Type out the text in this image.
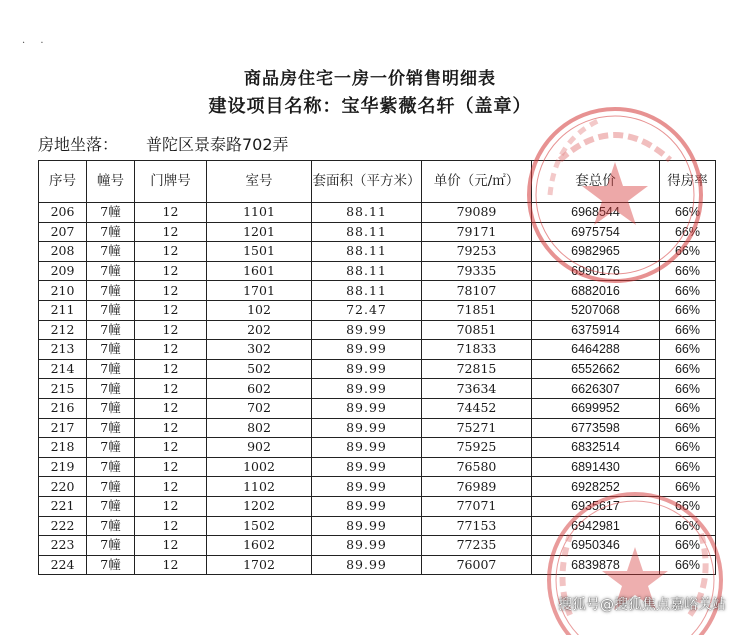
· ·
商品房住宅一房一价销售明细表
建设项目名称：宝华紫薇名轩（盖章）
房地坐落： 普陀区景泰路702弄
序号	幢号	门牌号	室号	套面积（平方米）	单价（元/㎡）	套总价	得房率
206	7幢	12	1101	88.11	79089	6968544	66%
207	7幢	12	1201	88.11	79171	6975754	66%
208	7幢	12	1501	88.11	79253	6982965	66%
209	7幢	12	1601	88.11	79335	6990176	66%
210	7幢	12	1701	88.11	78107	6882016	66%
211	7幢	12	102	72.47	71851	5207068	66%
212	7幢	12	202	89.99	70851	6375914	66%
213	7幢	12	302	89.99	71833	6464288	66%
214	7幢	12	502	89.99	72815	6552662	66%
215	7幢	12	602	89.99	73634	6626307	66%
216	7幢	12	702	89.99	74452	6699952	66%
217	7幢	12	802	89.99	75271	6773598	66%
218	7幢	12	902	89.99	75925	6832514	66%
219	7幢	12	1002	89.99	76580	6891430	66%
220	7幢	12	1102	89.99	76989	6928252	66%
221	7幢	12	1202	89.99	77071	6935617	66%
222	7幢	12	1502	89.99	77153	6942981	66%
223	7幢	12	1602	89.99	77235	6950346	66%
224	7幢	12	1702	89.99	76007	6839878	66%
搜狐号@搜狐焦点嘉峪关站
